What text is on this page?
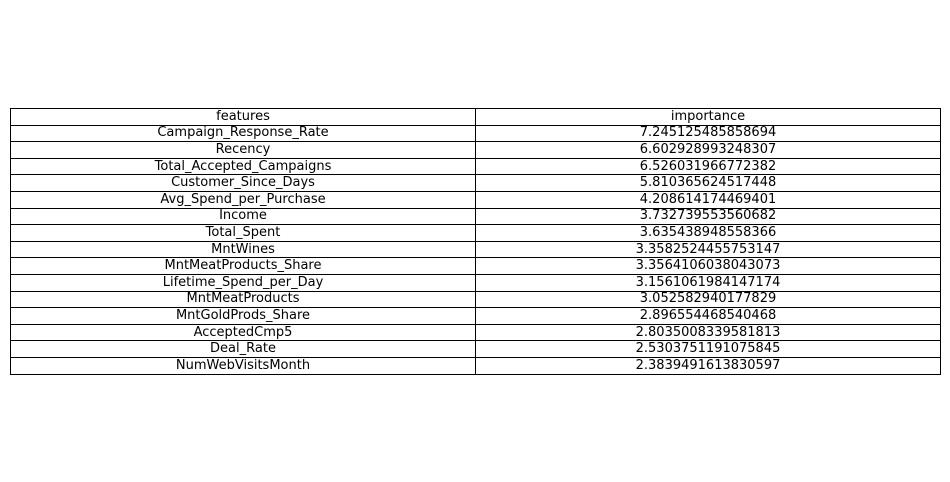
features	importance
Campaign_Response_Rate	7.245125485858694
Recency	6.602928993248307
Total_Accepted_Campaigns	6.526031966772382
Customer_Since_Days	5.810365624517448
Avg_Spend_per_Purchase	4.208614174469401
Income	3.732739553560682
Total_Spent	3.635438948558366
MntWines	3.3582524455753147
MntMeatProducts_Share	3.3564106038043073
Lifetime_Spend_per_Day	3.1561061984147174
MntMeatProducts	3.052582940177829
MntGoldProds_Share	2.896554468540468
AcceptedCmp5	2.8035008339581813
Deal_Rate	2.5303751191075845
NumWebVisitsMonth	2.3839491613830597
